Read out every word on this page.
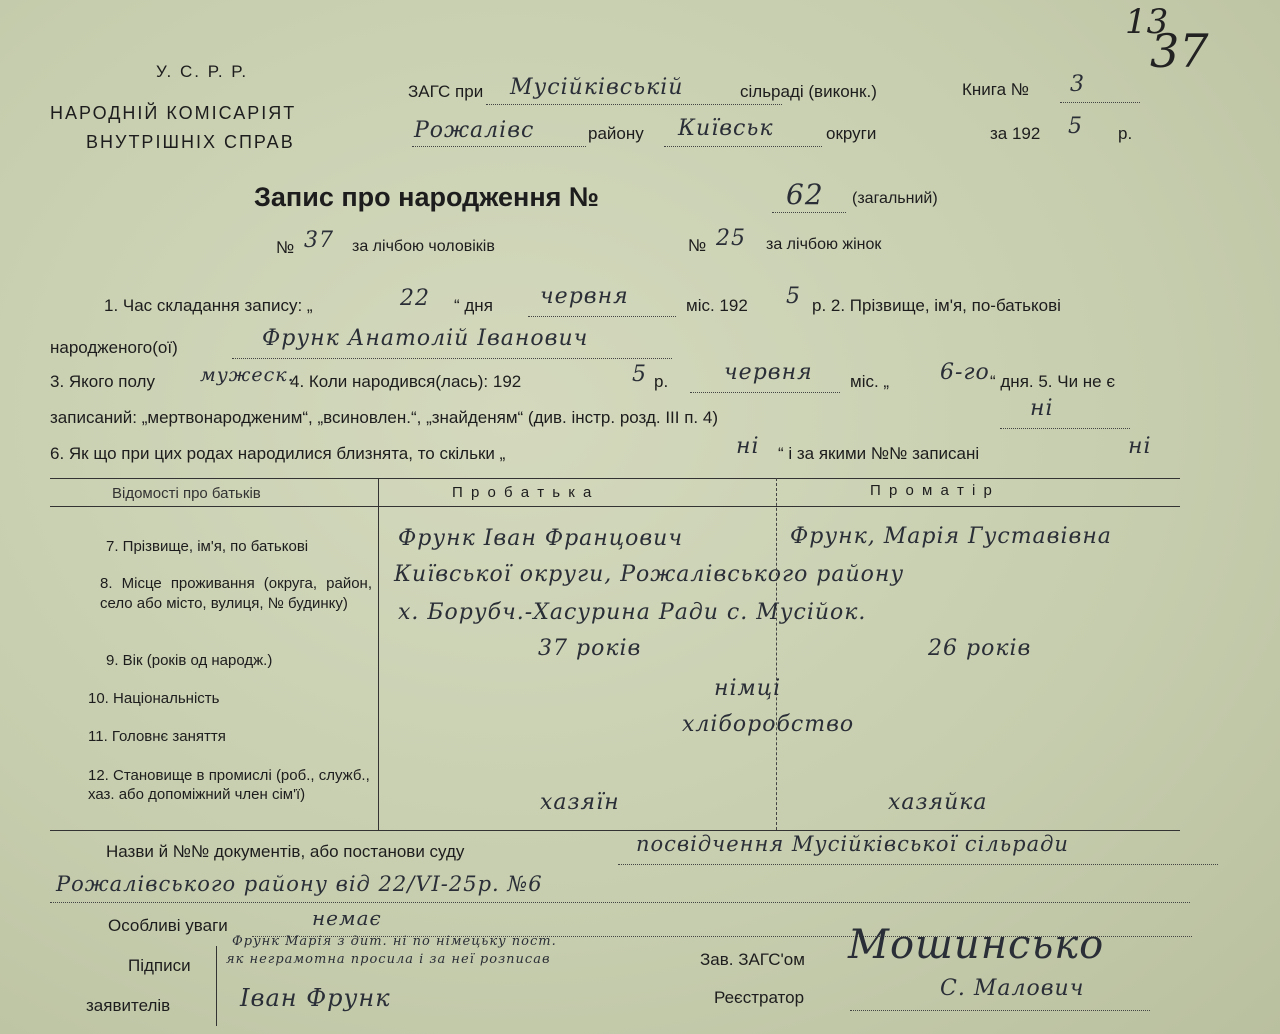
13
37
У. С. Р. Р.
НАРОДНІЙ КОМІСАРІЯТ
ВНУТРІШНІХ СПРАВ
ЗАГС при Мусійківській	сільраді (виконк.)	Книга № 3
Рожалівс	району Київськ	округи	за 192 5 р.
Запис про народження №	62 (загальний)
№ 37 за лічбою чоловіків	№ 25 за лічбою жінок
1. Час складання запису: „	22 “ дня червня	міс. 192 5 р. 2. Прізвище, ім'я, по-батькові
народженого(ої)	Фрунк Анатолій Іванович
3. Якого полу мужеск.
4. Коли народився(лась): 192	5 р.	червня міс. „ 6-го “ дня. 5. Чи не є
записаний: „мертвонародженим“, „всиновлен.“, „знайденям“ (див. інстр. розд. III п. 4)	ні
6. Як що при цих родах народилися близнята, то скільки „	ні “ і за якими №№ записані	ні
Відомості про батьків	П р о б а т ь к а	П р о м а т і р
7. Прізвище, ім'я, по батькові	Фрунк Іван Францович	Фрунк, Марія Густавівна
8. Місце проживання (округа, район, село або місто, вулиця, № будинку)
Київської округи, Рожалівського району
х. Борубч.-Хасурина Ради с. Мусійок.
9. Вік (років од народж.)	37 років	26 років
10. Національність	німці
11. Головнє заняття	хліборобство
12. Становище в промислі (роб., служб., хаз. або допоміжний член сім'ї)	хазяїн	хазяйка
Назви й №№ документів, або постанови суду	посвідчення Мусійківської сільради
Рожалівського району від 22/VI-25р. №6
Особливі уваги	немає
Підписи
заявителів
Фрунк Марія з дит. ні по німецьку пост.
як неграмотна просила і за неї розписав
Іван Фрунк
Зав. ЗАГС'ом Мошинсько
Реєстратор	С. Малович
